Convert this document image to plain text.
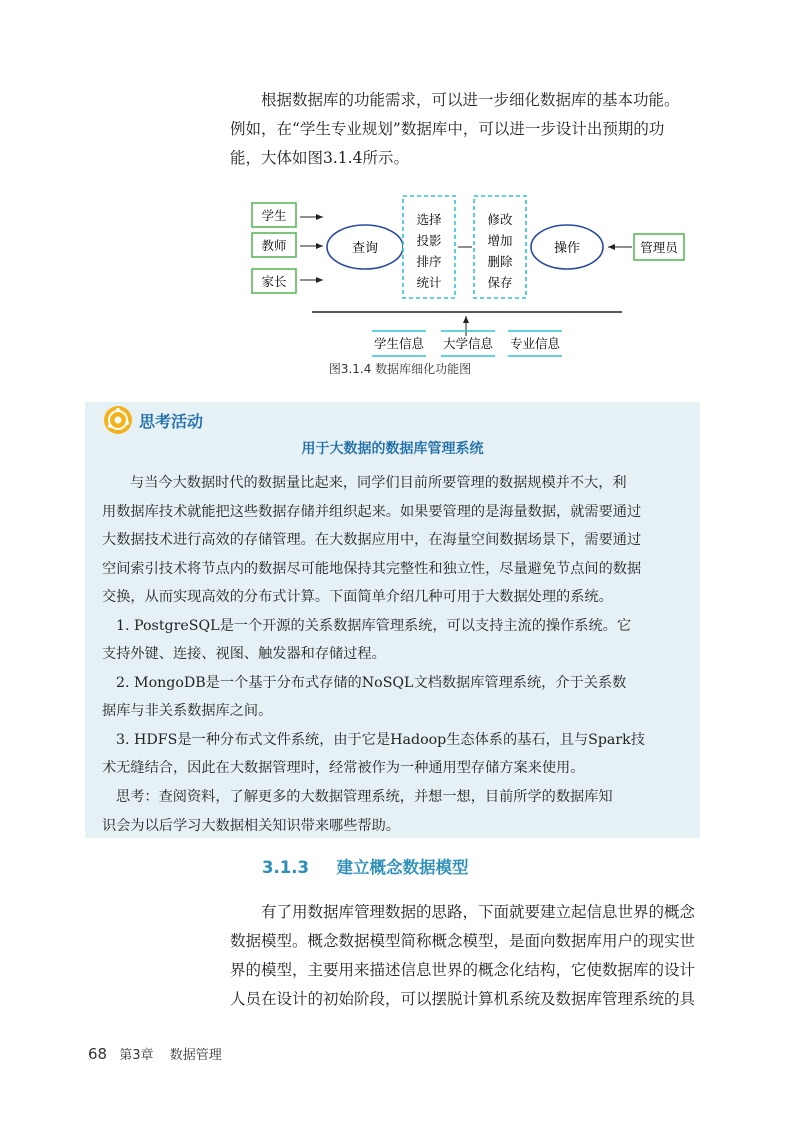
根据数据库的功能需求，可以进一步细化数据库的基本功能。
例如，在“学生专业规划”数据库中，可以进一步设计出预期的功
能，大体如图3.1.4所示。
学生
教师
家长
查询
选择
投影
排序
统计
修改
增加
删除
保存
操作	管理员
学生信息 大学信息 专业信息
图3.1.4 数据库细化功能图
思考活动
用于大数据的数据库管理系统
与当今大数据时代的数据量比起来，同学们目前所要管理的数据规模并不大，利
用数据库技术就能把这些数据存储并组织起来。如果要管理的是海量数据，就需要通过
大数据技术进行高效的存储管理。在大数据应用中，在海量空间数据场景下，需要通过
空间索引技术将节点内的数据尽可能地保持其完整性和独立性，尽量避免节点间的数据
交换，从而实现高效的分布式计算。下面简单介绍几种可用于大数据处理的系统。
1. PostgreSQL是一个开源的关系数据库管理系统，可以支持主流的操作系统。它
支持外键、连接、视图、触发器和存储过程。
2. MongoDB是一个基于分布式存储的NoSQL文档数据库管理系统，介于关系数
据库与非关系数据库之间。
3. HDFS是一种分布式文件系统，由于它是Hadoop生态体系的基石，且与Spark技
术无缝结合，因此在大数据管理时，经常被作为一种通用型存储方案来使用。
思考：查阅资料，了解更多的大数据管理系统，并想一想，目前所学的数据库知
识会为以后学习大数据相关知识带来哪些帮助。
3.1.3 建立概念数据模型
有了用数据库管理数据的思路，下面就要建立起信息世界的概念
数据模型。概念数据模型简称概念模型，是面向数据库用户的现实世
界的模型，主要用来描述信息世界的概念化结构，它使数据库的设计
人员在设计的初始阶段，可以摆脱计算机系统及数据库管理系统的具
68 第3章 数据管理
